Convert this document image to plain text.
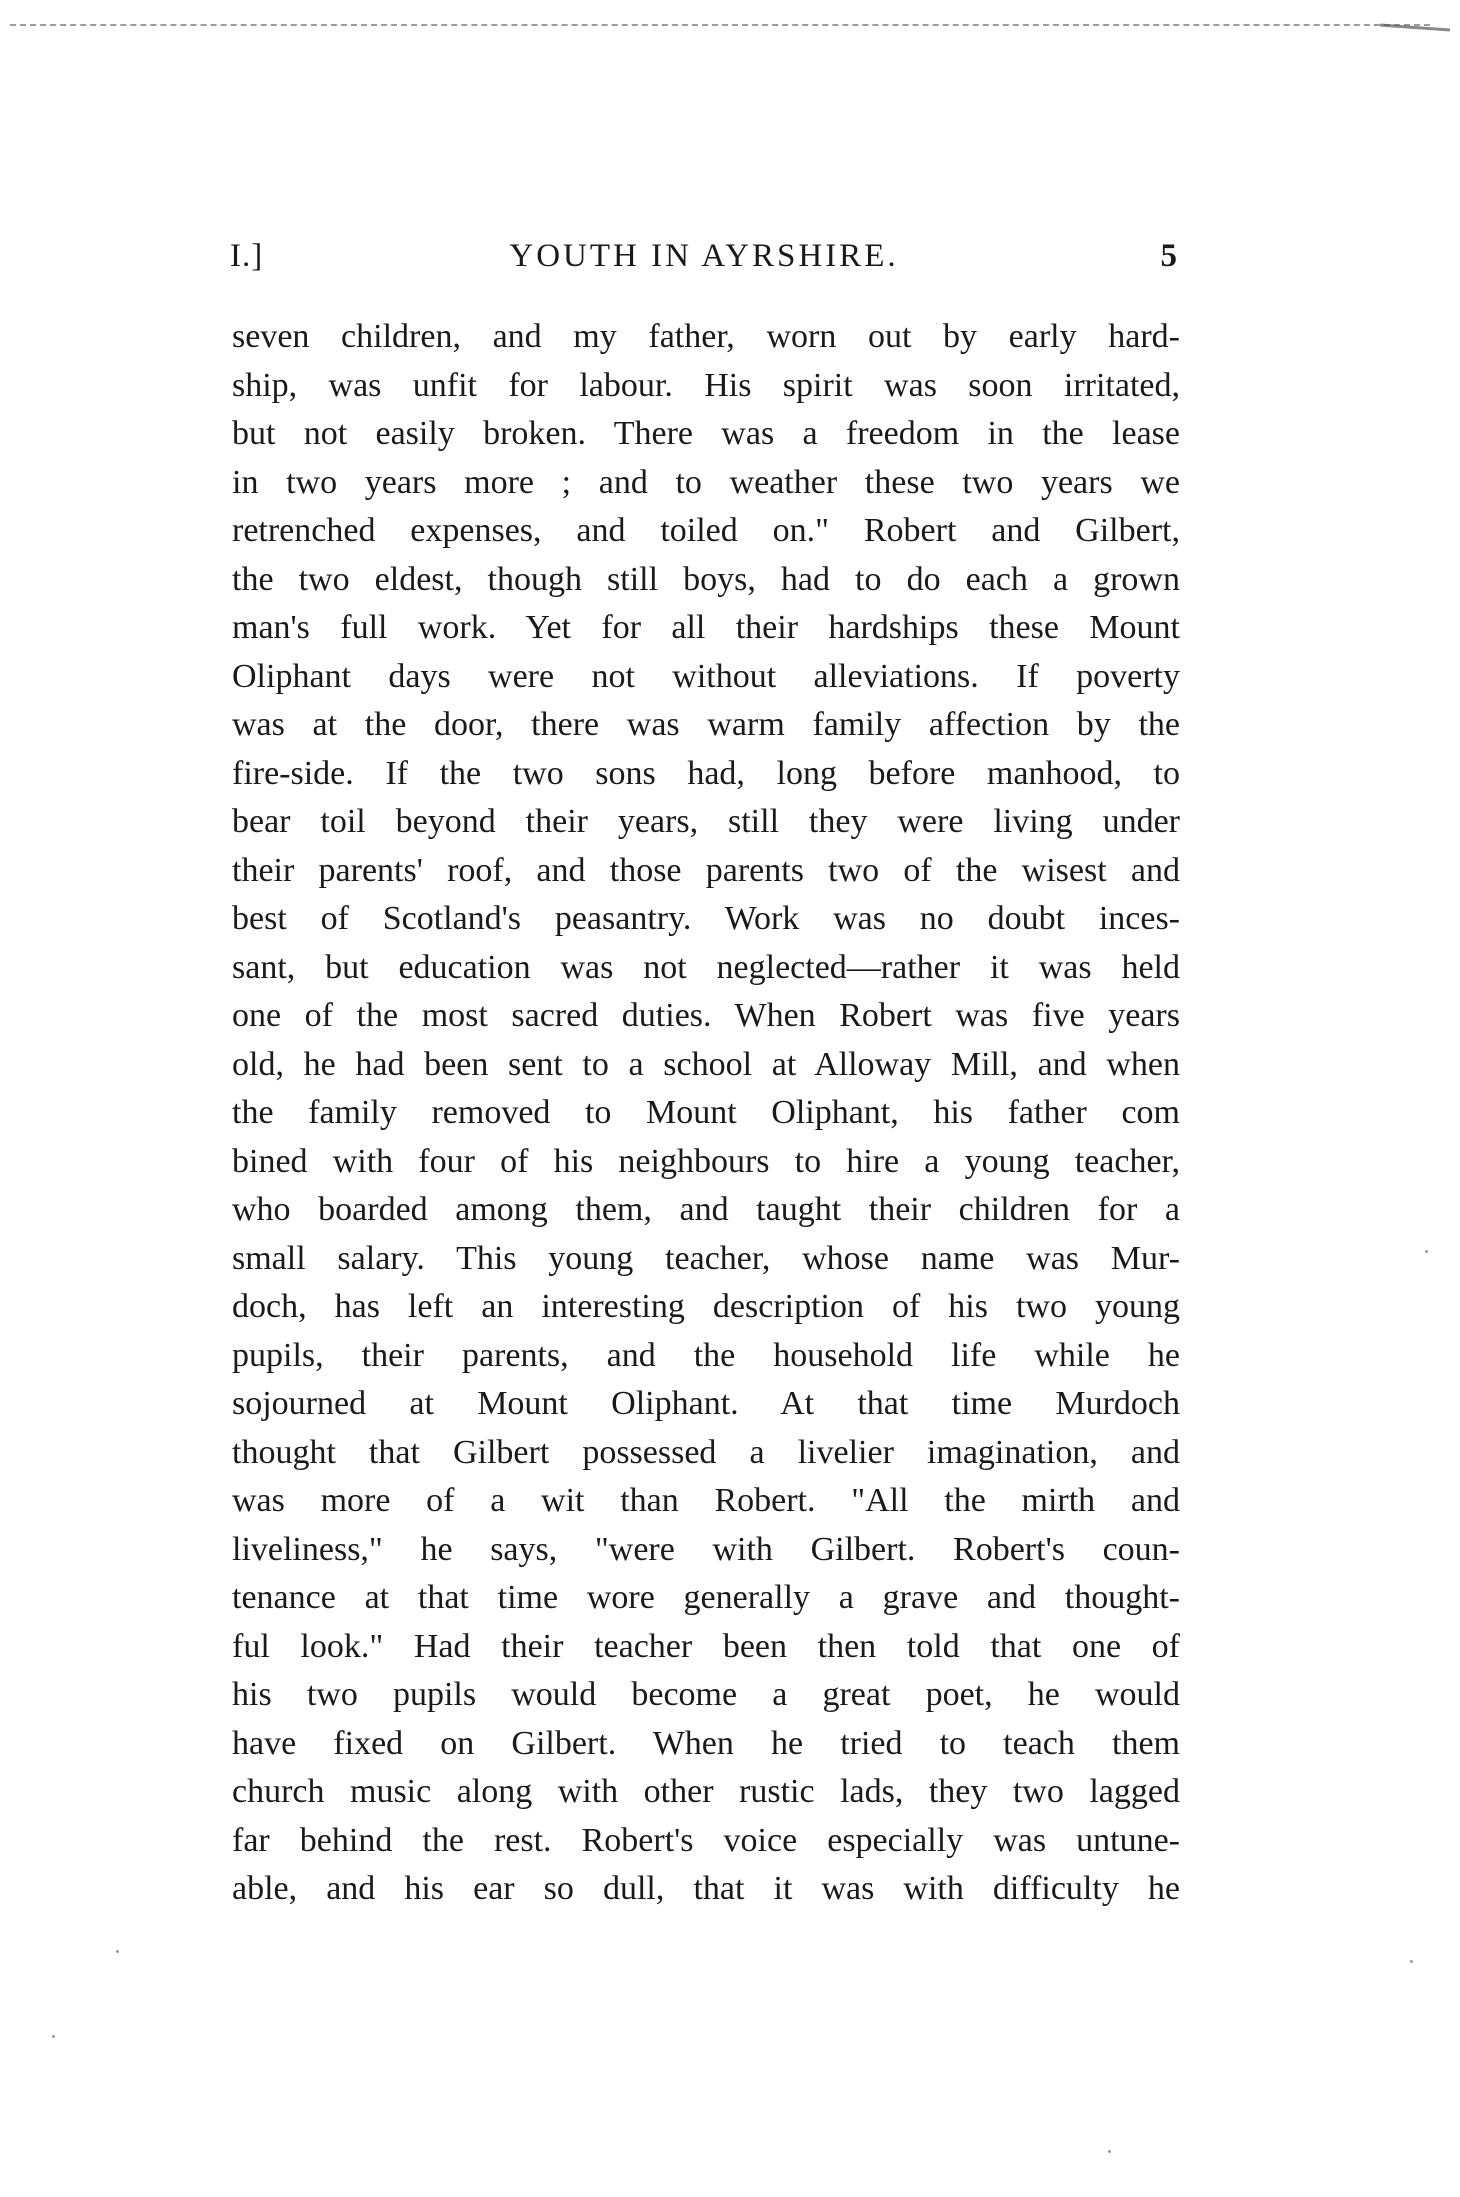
I.]	YOUTH IN AYRSHIRE.	5
seven children, and my father, worn out by early hard-
ship, was unfit for labour. His spirit was soon irritated,
but not easily broken. There was a freedom in the lease
in two years more ; and to weather these two years we
retrenched expenses, and toiled on." Robert and Gilbert,
the two eldest, though still boys, had to do each a grown
man's full work. Yet for all their hardships these Mount
Oliphant days were not without alleviations. If poverty
was at the door, there was warm family affection by the
fire-side. If the two sons had, long before manhood, to
bear toil beyond their years, still they were living under
their parents' roof, and those parents two of the wisest and
best of Scotland's peasantry. Work was no doubt inces-
sant, but education was not neglected—rather it was held
one of the most sacred duties. When Robert was five years
old, he had been sent to a school at Alloway Mill, and when
the family removed to Mount Oliphant, his father com
bined with four of his neighbours to hire a young teacher,
who boarded among them, and taught their children for a
small salary. This young teacher, whose name was Mur-
doch, has left an interesting description of his two young
pupils, their parents, and the household life while he
sojourned at Mount Oliphant. At that time Murdoch
thought that Gilbert possessed a livelier imagination, and
was more of a wit than Robert. "All the mirth and
liveliness," he says, "were with Gilbert. Robert's coun-
tenance at that time wore generally a grave and thought-
ful look." Had their teacher been then told that one of
his two pupils would become a great poet, he would
have fixed on Gilbert. When he tried to teach them
church music along with other rustic lads, they two lagged
far behind the rest. Robert's voice especially was untune-
able, and his ear so dull, that it was with difficulty he
